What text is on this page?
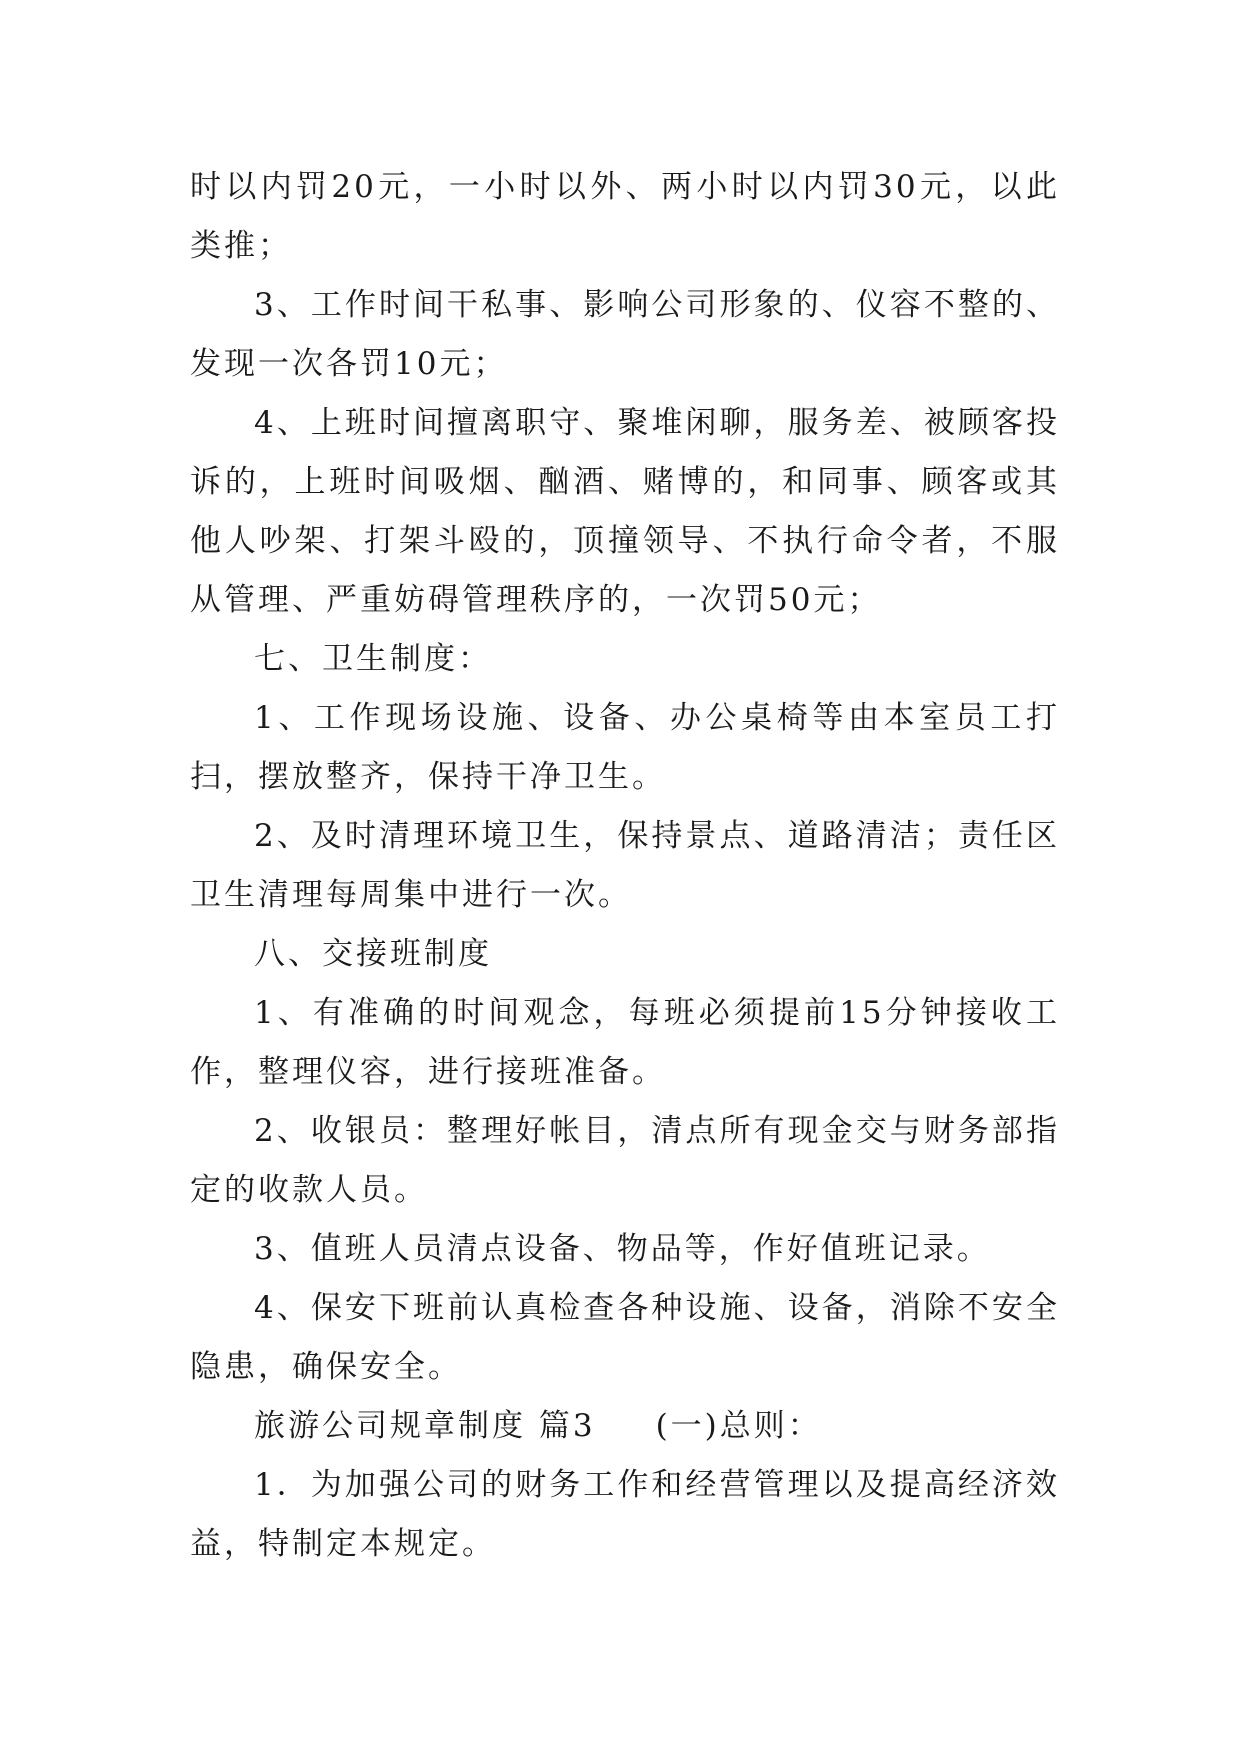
时以内罚20元，一小时以外、两小时以内罚30元，以此类推；

3、工作时间干私事、影响公司形象的、仪容不整的、发现一次各罚10元；

4、上班时间擅离职守、聚堆闲聊，服务差、被顾客投诉的，上班时间吸烟、酗酒、赌博的，和同事、顾客或其他人吵架、打架斗殴的，顶撞领导、不执行命令者，不服从管理、严重妨碍管理秩序的，一次罚50元；

七、卫生制度：

1、工作现场设施、设备、办公桌椅等由本室员工打扫，摆放整齐，保持干净卫生。

2、及时清理环境卫生，保持景点、道路清洁；责任区卫生清理每周集中进行一次。

八、交接班制度

1、有准确的时间观念，每班必须提前15分钟接收工作，整理仪容，进行接班准备。

2、收银员：整理好帐目，清点所有现金交与财务部指定的收款人员。

3、值班人员清点设备、物品等，作好值班记录。

4、保安下班前认真检查各种设施、设备，消除不安全隐患，确保安全。

旅游公司规章制度 篇3 (一)总则：

1．为加强公司的财务工作和经营管理以及提高经济效益，特制定本规定。
